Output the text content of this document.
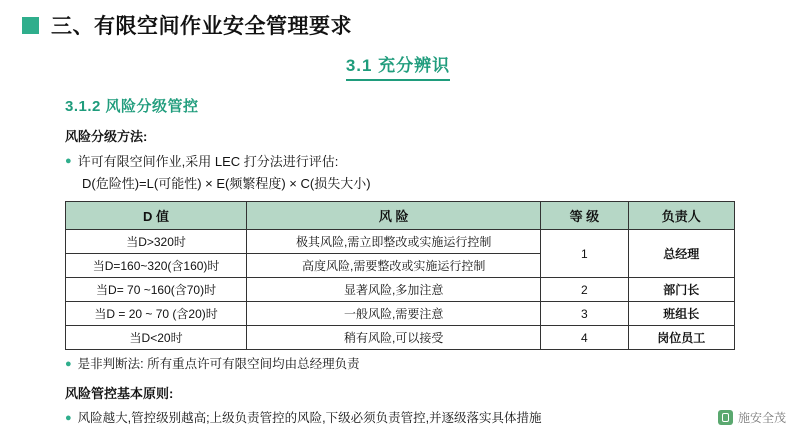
三、有限空间作业安全管理要求
3.1 充分辨识
3.1.2 风险分级管控
风险分级方法:
● 许可有限空间作业,采用 LEC 打分法进行评估:
D(危险性)=L(可能性) × E(频繁程度) × C(损失大小)
D 值	风 险	等 级	负责人
当D>320时	极其风险,需立即整改或实施运行控制	1	总经理
当D=160~320(含160)时	高度风险,需要整改或实施运行控制		
当D= 70 ~160(含70)时	显著风险,多加注意	2	部门长
当D = 20 ~ 70 (含20)时	一般风险,需要注意	3	班组长
当D<20时	稍有风险,可以接受	4	岗位员工
● 是非判断法: 所有重点许可有限空间均由总经理负责
风险管控基本原则:
● 风险越大,管控级别越高;上级负责管控的风险,下级必须负责管控,并逐级落实具体措施	施安全茂
